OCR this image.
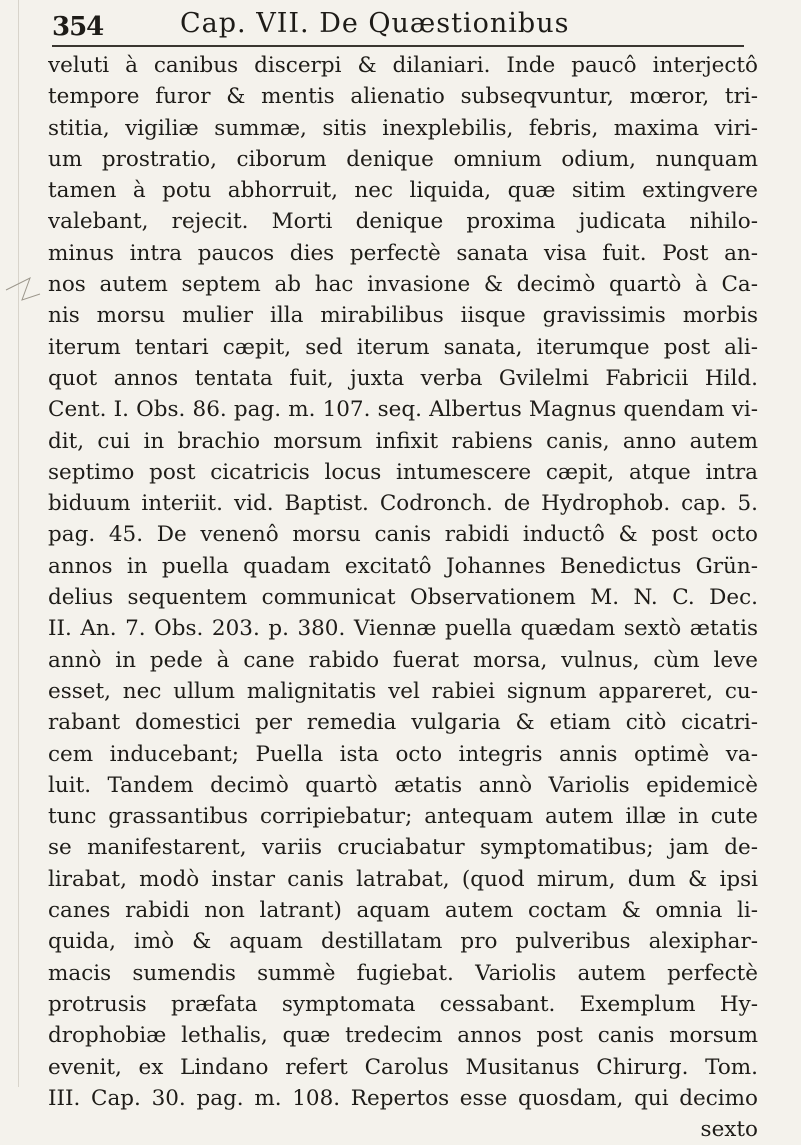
354	Cap. VII. De Quæstionibus
veluti à canibus discerpi & dilaniari. Inde paucô interjectô
tempore furor & mentis alienatio subseqvuntur, mœror, tri-
stitia, vigiliæ summæ, sitis inexplebilis, febris, maxima viri-
um prostratio, ciborum denique omnium odium, nunquam
tamen à potu abhorruit, nec liquida, quæ sitim extingvere
valebant, rejecit. Morti denique proxima judicata nihilo-
minus intra paucos dies perfectè sanata visa fuit. Post an-
nos autem septem ab hac invasione & decimò quartò à Ca-
nis morsu mulier illa mirabilibus iisque gravissimis morbis
iterum tentari cæpit, sed iterum sanata, iterumque post ali-
quot annos tentata fuit, juxta verba Gvilelmi Fabricii Hild.
Cent. I. Obs. 86. pag. m. 107. seq. Albertus Magnus quendam vi-
dit, cui in brachio morsum infixit rabiens canis, anno autem
septimo post cicatricis locus intumescere cæpit, atque intra
biduum interiit. vid. Baptist. Codronch. de Hydrophob. cap. 5.
pag. 45. De venenô morsu canis rabidi inductô & post octo
annos in puella quadam excitatô Johannes Benedictus Grün-
delius sequentem communicat Observationem M. N. C. Dec.
II. An. 7. Obs. 203. p. 380. Viennæ puella quædam sextò ætatis
annò in pede à cane rabido fuerat morsa, vulnus, cùm leve
esset, nec ullum malignitatis vel rabiei signum appareret, cu-
rabant domestici per remedia vulgaria & etiam citò cicatri-
cem inducebant; Puella ista octo integris annis optimè va-
luit. Tandem decimò quartò ætatis annò Variolis epidemicè
tunc grassantibus corripiebatur; antequam autem illæ in cute
se manifestarent, variis cruciabatur symptomatibus; jam de-
lirabat, modò instar canis latrabat, (quod mirum, dum & ipsi
canes rabidi non latrant) aquam autem coctam & omnia li-
quida, imò & aquam destillatam pro pulveribus alexiphar-
macis sumendis summè fugiebat. Variolis autem perfectè
protrusis præfata symptomata cessabant. Exemplum Hy-
drophobiæ lethalis, quæ tredecim annos post canis morsum
evenit, ex Lindano refert Carolus Musitanus Chirurg. Tom.
III. Cap. 30. pag. m. 108. Repertos esse quosdam, qui decimo
sexto
